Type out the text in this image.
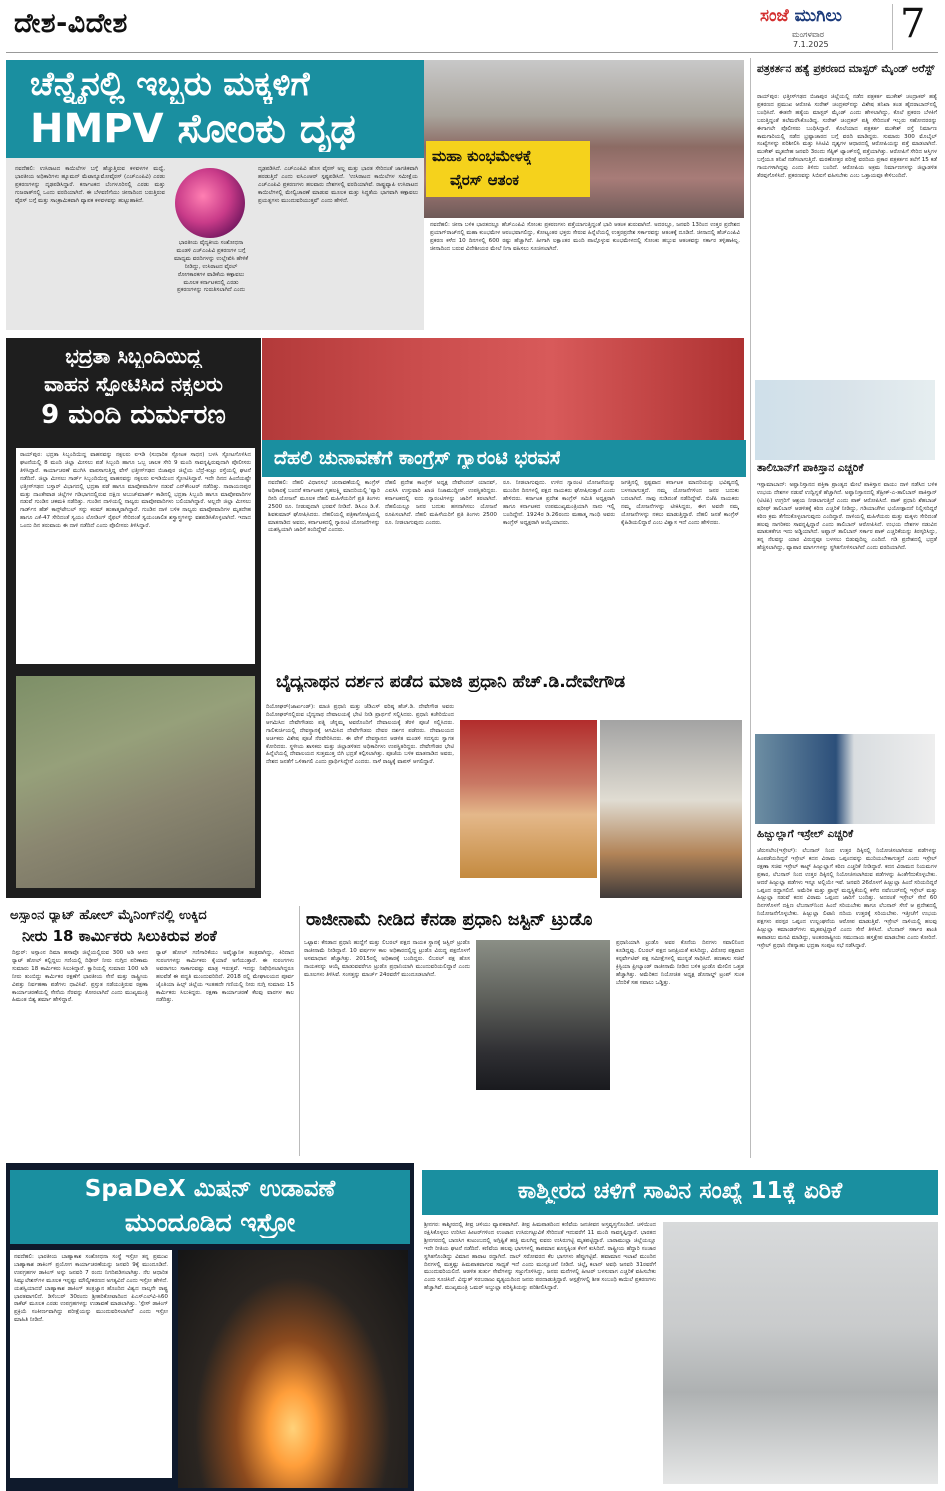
ದೇಶ-ವಿದೇಶ	ಸಂಜೆ ಮುಗಿಲು
ಮಂಗಳವಾರ
7.1.2025 7
ಚೆನ್ನೈನಲ್ಲಿ ಇಬ್ಬರು ಮಕ್ಕಳಿಗೆ
HMPV ಸೋಂಕು ದೃಢ
ನವದೆಹಲಿ: ಉಸಿರಾಟದ ಕಾಯಿಲೆಗಳ ಬಗ್ಗೆ ಹೆಚ್ಚುತ್ತಿರುವ ಕಳವಳಗಳ ಮಧ್ಯೆ, ಭಾರತೀಯ ಅಧಿಕಾರಿಗಳು ಹ್ಯೂಮನ್ ಮೆಟಾನ್ಯೂಮೋವೈರಸ್ (ಎಚ್ಎಂಪಿವಿ) ಎರಡು ಪ್ರಕರಣಗಳನ್ನು ದೃಢಪಡಿಸಿದ್ದಾರೆ. ಕರ್ನಾಟಕದ ಬೆಂಗಳೂರಿನಲ್ಲಿ ಎರಡು ಮತ್ತು ಗುಜರಾತ್‌ನಲ್ಲಿ ಒಂದು ವರದಿಯಾಗಿದೆ. ಈ ಬೆಳವಣಿಗೆಯು ಚೀನಾದಿಂದ ಬರುತ್ತಿರುವ ವೈರಸ್ ಬಗ್ಗೆ ಮತ್ತು ಸಾಂಕ್ರಾಮಿಕವಾಗಿ ವ್ಯಾಪಕ ಕಳವಳವನ್ನು ಹುಟ್ಟುಹಾಕಿದೆ.
ಭಾರತೀಯ ವೈದ್ಯಕೀಯ ಸಂಶೋಧನಾ ಮಂಡಳಿ ಎಚ್ಎಂಪಿವಿ ಪ್ರಕರಣಗಳ ಬಗ್ಗೆ ಮಾಧ್ಯಮ ವರದಿಗಳನ್ನು ಉಲ್ಲೇಖಿಸಿ ಹೇಳಿಕೆ ನೀಡಿದ್ದು, ಉಸಿರಾಟದ ವೈರಲ್ ರೋಗಕಾರಕಗಳ ವಾಡಿಕೆಯ ಕಣ್ಗಾವಲು ಮೂಲಕ ಕರ್ನಾಟಕದಲ್ಲಿ ಎರಡು ಪ್ರಕರಣಗಳನ್ನು ಗುರುತಿಸಲಾಗಿದೆ ಎಂದು
ದೃಢಪಡಿಸಿದೆ. ಎಚ್ಎಂಪಿವಿ ಹೊಸ ವೈರಸ್ ಅಲ್ಲ ಮತ್ತು ಭಾರತ ಸೇರಿದಂತೆ ಜಾಗತಿಕವಾಗಿ ಹರಡುತ್ತಿದೆ ಎಂದು ಐಸಿಎಂಆರ್ ಸ್ಪಷ್ಟಪಡಿಸಿದೆ. 'ಉಸಿರಾಟದ ಕಾಯಿಲೆಗಳ ಸಮೀಕ್ಷೆಯ ಎಚ್ಎಂಪಿವಿ ಪ್ರಕರಣಗಳು ಹಲವಾರು ದೇಶಗಳಲ್ಲಿ ವರದಿಯಾಗಿವೆ. ರಾಷ್ಟ್ರವ್ಯಾಪಿ ಉಸಿರಾಟದ ಕಾಯಿಲೆಗಳಲ್ಲಿ ಮೇಲ್ವಿಚಾರಣೆ ಮಾಡುವ ಮೂಲಕ ಮತ್ತು ಸಿದ್ಧತೆಯ ಭಾಗವಾಗಿ ಕಣ್ಗಾವಲು ಪ್ರಯತ್ನಗಳು ಮುಂದುವರಿಯುತ್ತವೆ' ಎಂದು ಹೇಳಿದೆ.
ಮಹಾ ಕುಂಭಮೇಳಕ್ಕೆ
ವೈರಸ್ ಆತಂಕ
ನವದೆಹಲಿ: ಚೀನಾ ಬಳಿಕ ಭಾರತದಲ್ಲೂ ಹೆಚ್ಎಂಪಿವಿ ಸೋಂಕು ಪ್ರಕರಣಗಳು ಪತ್ತೆಯಾಗುತ್ತಿದ್ದಂತೆ ಭಾರಿ ಆತಂಕ ಶುರುವಾಗಿದೆ. ಅದರಲ್ಲೂ, ಜನವರಿ 13ರಿಂದ ಉತ್ತರ ಪ್ರದೇಶದ ಪ್ರಯಾಗ್‌ರಾಜ್‌ನಲ್ಲಿ ಮಹಾ ಕುಂಭಮೇಳ ಆರಂಭವಾಗಲಿದ್ದು, ಕೋಟ್ಯಂತರ ಭಕ್ತರು ಸೇರುವ ಹಿನ್ನೆಲೆಯಲ್ಲಿ ಉತ್ತರಪ್ರದೇಶ ಸರ್ಕಾರವನ್ನು ಆತಂಕಕ್ಕೆ ದೂಡಿದೆ. ಚೀನಾದಲ್ಲಿ ಹೆಚ್ಎಂಪಿವಿ ಪ್ರಕರಣ ಕಳೆದ 10 ದಿನಗಳಲ್ಲಿ 600 ರಷ್ಟು ಹೆಚ್ಚಾಗಿದೆ. ಹೀಗಾಗಿ ಲಕ್ಷಾಂತರ ಮಂದಿ ಪಾಲ್ಗೊಳ್ಳುವ ಕುಂಭಮೇಳದಲ್ಲಿ ಸೋಂಕು ಹಬ್ಬುವ ಆತಂಕವನ್ನು ಸರ್ಕಾರ ತಳ್ಳಿಹಾಕಿಲ್ಲ. ಚೀನಾದಿಂದ ಬರುವ ವಿದೇಶೀಯರ ಮೇಲೆ ನಿಗಾ ವಹಿಸಲು ಸೂಚಿಸಲಾಗಿದೆ.
ಪತ್ರಕರ್ತನ ಹತ್ಯೆ ಪ್ರಕರಣದ ಮಾಸ್ಟರ್ ಮೈಂಡ್ ಅರೆಸ್ಟ್
ರಾಯ್‌ಪುರ: ಛತ್ತೀಸ್‌ಗಢದ ಬಿಜಾಪುರ ಜಿಲ್ಲೆಯಲ್ಲಿ ನಡೆದ ಪತ್ರಕರ್ತ ಮುಕೇಶ್ ಚಂದ್ರಾಕರ್ ಹತ್ಯೆ ಪ್ರಕರಣದ ಪ್ರಮುಖ ಆರೋಪಿ ಸುರೇಶ್ ಚಂದ್ರಕರ್‌ನನ್ನು ವಿಶೇಷ ತನಿಖಾ ತಂಡ ಹೈದರಾಬಾದ್‌ನಲ್ಲಿ ಬಂಧಿಸಿದೆ. ಈತನೇ ಹತ್ಯೆಯ ಮಾಸ್ಟರ್ ಮೈಂಡ್ ಎಂದು ಹೇಳಲಾಗಿದ್ದು, ಕೊಲೆ ಪ್ರಕರಣ ಬೆಳಕಿಗೆ ಬರುತ್ತಿದ್ದಂತೆ ತಲೆಮರೆಸಿಕೊಂಡಿದ್ದ. ಸುರೇಶ್ ಚಂದ್ರಕರ್ ಪತ್ನಿ ಸೇರಿದಂತೆ ಇಬ್ಬರು ಸಹೋದರರನ್ನು ಈಗಾಗಲೇ ಪೊಲೀಸರು ಬಂಧಿಸಿದ್ದಾರೆ. ಕೊಲೆಯಾದ ಪತ್ರಕರ್ತ ಮುಕೇಶ್ ರಸ್ತೆ ನಿರ್ಮಾಣ ಕಾಮಗಾರಿಯಲ್ಲಿ ನಡೆದ ಭ್ರಷ್ಟಾಚಾರದ ಬಗ್ಗೆ ವರದಿ ಮಾಡಿದ್ದರು. ಸುಮಾರು 300 ಮೊಬೈಲ್ ಸಂಖ್ಯೆಗಳನ್ನು ಪರಿಶೀಲಿಸಿ ಮತ್ತು ಸಿಸಿಟಿವಿ ದೃಶ್ಯಗಳ ಆಧಾರದಲ್ಲಿ ಆರೋಪಿಯನ್ನು ಪತ್ತೆ ಮಾಡಲಾಗಿದೆ. ಮುಕೇಶ್ ಮೃತದೇಹ ಜನವರಿ 3ರಂದು ಸೆಪ್ಟಿಕ್ ಟ್ಯಾಂಕ್‌ನಲ್ಲಿ ಪತ್ತೆಯಾಗಿತ್ತು. ಆರೋಪಿಗೆ ಸೇರಿದ ಆಸ್ತಿಗಳ ಬಗ್ಗೆಯೂ ತನಿಖೆ ನಡೆಸಲಾಗುತ್ತಿದೆ. ಮರಣೋತ್ತರ ಪರೀಕ್ಷೆ ವರದಿಯ ಪ್ರಕಾರ ಪತ್ರಕರ್ತನ ತಲೆಗೆ 15 ಕಡೆ ಗಾಯಗಳಾಗಿದ್ದವು ಎಂದು ತಿಳಿದು ಬಂದಿದೆ. ಆರೋಪಿಯ ಅಕ್ರಮ ನಿರ್ಮಾಣಗಳನ್ನು ಜಿಲ್ಲಾಡಳಿತ ತೆರವುಗೊಳಿಸಿದೆ. ಪ್ರಕರಣವನ್ನು ಸಿಬಿಐಗೆ ವಹಿಸಬೇಕು ಎಂಬ ಒತ್ತಾಯವೂ ಕೇಳಿಬಂದಿದೆ.
ತಾಲಿಬಾನ್‌ಗೆ ಪಾಕಿಸ್ತಾನ ಎಚ್ಚರಿಕೆ
ಇಸ್ಲಾಮಾಬಾದ್: ಅಫ್ಘಾನಿಸ್ತಾನದ ಪಕ್ತಿಕಾ ಪ್ರಾಂತ್ಯದ ಮೇಲೆ ಪಾಕಿಸ್ತಾನ ವಾಯು ದಾಳಿ ನಡೆಸಿದ ಬಳಿಕ ಉಭಯ ದೇಶಗಳ ನಡುವೆ ಉದ್ವಿಗ್ನತೆ ಹೆಚ್ಚಾಗಿದೆ. ಅಫ್ಘಾನಿಸ್ತಾನದಲ್ಲಿ ತೆಹ್ರೀಕ್-ಎ-ತಾಲಿಬಾನ್ ಪಾಕಿಸ್ತಾನ್ (ಟಿಟಿಪಿ) ಉಗ್ರರಿಗೆ ಆಶ್ರಯ ನೀಡಲಾಗುತ್ತಿದೆ ಎಂದು ಪಾಕ್ ಆರೋಪಿಸಿದೆ. ಪಾಕ್ ಪ್ರಧಾನಿ ಶೆಹಬಾಜ್ ಷರೀಫ್ ತಾಲಿಬಾನ್ ಆಡಳಿತಕ್ಕೆ ಕಠಿಣ ಎಚ್ಚರಿಕೆ ನೀಡಿದ್ದು, ಗಡಿಯಾಚೆಗಿನ ಭಯೋತ್ಪಾದನೆ ನಿಲ್ಲಿಸದಿದ್ದರೆ ಕಠಿಣ ಕ್ರಮ ತೆಗೆದುಕೊಳ್ಳಲಾಗುವುದು ಎಂದಿದ್ದಾರೆ. ದಾಳಿಯಲ್ಲಿ ಮಹಿಳೆಯರು ಮತ್ತು ಮಕ್ಕಳು ಸೇರಿದಂತೆ ಹಲವು ನಾಗರಿಕರು ಸಾವನ್ನಪ್ಪಿದ್ದಾರೆ ಎಂದು ತಾಲಿಬಾನ್ ಆರೋಪಿಸಿದೆ. ಉಭಯ ದೇಶಗಳ ನಡುವಿನ ಮಾತುಕತೆಗೂ ಇದು ಅಡ್ಡಿಯಾಗಿದೆ. ಅಫ್ಘಾನ್ ತಾಲಿಬಾನ್ ಸರ್ಕಾರ ಪಾಕ್ ಎಚ್ಚರಿಕೆಯನ್ನು ತಿರಸ್ಕರಿಸಿದ್ದು, ತನ್ನ ನೆಲವನ್ನು ಯಾರ ವಿರುದ್ಧವೂ ಬಳಸಲು ಬಿಡುವುದಿಲ್ಲ ಎಂದಿದೆ. ಗಡಿ ಪ್ರದೇಶದಲ್ಲಿ ಭದ್ರತೆ ಹೆಚ್ಚಿಸಲಾಗಿದ್ದು, ವ್ಯಾಪಾರ ಮಾರ್ಗಗಳನ್ನು ಸ್ಥಗಿತಗೊಳಿಸಲಾಗಿದೆ ಎಂದು ವರದಿಯಾಗಿದೆ.
ಹಿಜ್ಬುಲ್ಲಾಗೆ ಇಸ್ರೇಲ್ ಎಚ್ಚರಿಕೆ
ಜೆರುಸಲೇಂ(ಇಸ್ರೇಲ್): ಲೆಬನಾನ್ ನಿಂದ ಉತ್ತರ ದಿಕ್ಕಿನಲ್ಲಿ ನಿಯೋಜಿಸಲಾಗಿರುವ ಪಡೆಗಳನ್ನು ಹಿಂಪಡೆಯದಿದ್ದರೆ ಇಸ್ರೇಲ್ ಕದನ ವಿರಾಮ ಒಪ್ಪಂದವನ್ನು ಮುರಿಯಬೇಕಾಗುತ್ತದೆ ಎಂದು ಇಸ್ರೇಲ್ ರಕ್ಷಣಾ ಸಚಿವ ಇಸ್ರೇಲ್ ಕಾಟ್ಜ್ ಹಿಜ್ಬುಲ್ಲಾಗೆ ಕಠಿಣ ಎಚ್ಚರಿಕೆ ನೀಡಿದ್ದಾರೆ. ಕದನ ವಿರಾಮದ ನಿಯಮಗಳ ಪ್ರಕಾರ, ಲೆಬನಾನ್ ನಿಂದ ಉತ್ತರ ದಿಕ್ಕಿನಲ್ಲಿ ನಿಯೋಜಿಸಲಾಗಿರುವ ಪಡೆಗಳನ್ನು ಹಿಂತೆಗೆದುಕೊಳ್ಳಬೇಕು. ಆದರೆ ಹಿಜ್ಬುಲ್ಲಾ ಪಡೆಗಳು ಇನ್ನೂ ಅಲ್ಲಿಯೇ ಇವೆ. ಜನವರಿ 26ರೊಳಗೆ ಹಿಜ್ಬುಲ್ಲಾ ಹಿಂದೆ ಸರಿಯದಿದ್ದರೆ ಒಪ್ಪಂದ ರದ್ದಾಗಲಿದೆ. ಅಮೆರಿಕ ಮತ್ತು ಫ್ರಾನ್ಸ್ ಮಧ್ಯಸ್ಥಿಕೆಯಲ್ಲಿ ಕಳೆದ ನವೆಂಬರ್‌ನಲ್ಲಿ ಇಸ್ರೇಲ್ ಮತ್ತು ಹಿಜ್ಬುಲ್ಲಾ ನಡುವೆ ಕದನ ವಿರಾಮ ಒಪ್ಪಂದ ಜಾರಿಗೆ ಬಂದಿತ್ತು. ಅದರಂತೆ ಇಸ್ರೇಲ್ ಸೇನೆ 60 ದಿನಗಳೊಳಗೆ ದಕ್ಷಿಣ ಲೆಬನಾನ್‌ನಿಂದ ಹಿಂದೆ ಸರಿಯಬೇಕು ಹಾಗೂ ಲೆಬನಾನ್ ಸೇನೆ ಆ ಪ್ರದೇಶದಲ್ಲಿ ನಿಯೋಜನೆಗೊಳ್ಳಬೇಕು. ಹಿಜ್ಬುಲ್ಲಾ ಲಿಟಾನಿ ನದಿಯ ಉತ್ತರಕ್ಕೆ ಸರಿಯಬೇಕು. ಇತ್ತೀಚೆಗೆ ಉಭಯ ಪಕ್ಷಗಳು ಪರಸ್ಪರ ಒಪ್ಪಂದ ಉಲ್ಲಂಘನೆಯ ಆರೋಪ ಮಾಡುತ್ತಿವೆ. ಇಸ್ರೇಲ್ ದಾಳಿಯಲ್ಲಿ ಹಲವು ಹಿಜ್ಬುಲ್ಲಾ ಕಮಾಂಡರ್‌ಗಳು ಮೃತಪಟ್ಟಿದ್ದಾರೆ ಎಂದು ಸೇನೆ ತಿಳಿಸಿದೆ. ಲೆಬನಾನ್ ಸರ್ಕಾರ ಶಾಂತಿ ಕಾಪಾಡಲು ಮನವಿ ಮಾಡಿದ್ದು, ಅಂತರರಾಷ್ಟ್ರೀಯ ಸಮುದಾಯ ಹಸ್ತಕ್ಷೇಪ ಮಾಡಬೇಕು ಎಂದು ಕೋರಿದೆ. ಇಸ್ರೇಲ್ ಪ್ರಧಾನಿ ನೆತನ್ಯಾಹು ಭದ್ರತಾ ಸಂಪುಟ ಸಭೆ ನಡೆಸಿದ್ದಾರೆ.
ಭದ್ರತಾ ಸಿಬ್ಬಂದಿಯಿದ್ದ
ವಾಹನ ಸ್ಫೋಟಿಸಿದ ನಕ್ಸಲರು
9 ಮಂದಿ ದುರ್ಮರಣ
ರಾಯ್‌ಪುರ: ಭದ್ರತಾ ಸಿಬ್ಬಂದಿಯಿದ್ದ ವಾಹನವನ್ನು ನಕ್ಸಲರು ಐಇಡಿ (ಸುಧಾರಿತ ಸ್ಫೋಟಕ ಸಾಧನ) ಬಳಸಿ ಸ್ಫೋಟಗೊಳಿಸಿದ ಘಟನೆಯಲ್ಲಿ 8 ಮಂದಿ ಜಿಲ್ಲಾ ಮೀಸಲು ಪಡೆ ಸಿಬ್ಬಂದಿ ಹಾಗೂ ಒಬ್ಬ ಚಾಲಕ ಸೇರಿ 9 ಮಂದಿ ಸಾವನ್ನಪ್ಪಿರುವುದಾಗಿ ಪೊಲೀಸರು ತಿಳಿಸಿದ್ದಾರೆ. ಕಾರ್ಯಾಚರಣೆ ಮುಗಿಸಿ ವಾಪಸಾಗುತ್ತಿದ್ದ ವೇಳೆ ಛತ್ತೀಸ್‌ಗಢದ ಬಿಜಾಪುರ ಜಿಲ್ಲೆಯ ಬೆದ್ರೆ-ಕುಟ್ರು ರಸ್ತೆಯಲ್ಲಿ ಘಟನೆ ನಡೆದಿದೆ. ಜಿಲ್ಲಾ ಮೀಸಲು ಗಾರ್ಡ್ ಸಿಬ್ಬಂದಿಯಿದ್ದ ವಾಹನವನ್ನು ನಕ್ಸಲರು ಐಇಡಿಯಿಂದ ಸ್ಫೋಟಿಸಿದ್ದಾರೆ. ಇದೇ ದಿನದ ಹಿಂದೆಯಷ್ಟೇ ಛತ್ತೀಸ್‌ಗಢದ ಬಸ್ತಾರ್ ವಿಭಾಗದಲ್ಲಿ ಭದ್ರತಾ ಪಡೆ ಹಾಗೂ ಮಾವೋವಾದಿಗಳ ನಡುವೆ ಎನ್‌ಕೌಂಟರ್ ನಡೆದಿತ್ತು. ನಾರಾಯಣಪುರ ಮತ್ತು ದಾಂತೇವಾಡ ಜಿಲ್ಲೆಗಳ ಗಡಿಭಾಗದಲ್ಲಿರುವ ದಕ್ಷಿಣ ಅಬುಜ್‌ಮಾರ್ಹ್ ಕಾಡಿನಲ್ಲಿ ಭದ್ರತಾ ಸಿಬ್ಬಂದಿ ಹಾಗೂ ಮಾವೋವಾದಿಗಳ ನಡುವೆ ಗುಂಡಿನ ಚಕಮಕಿ ನಡೆದಿತ್ತು. ಗುಂಡಿನ ದಾಳಿಯಲ್ಲಿ ನಾಲ್ವರು ಮಾವೋವಾದಿಗಳು ಬಲಿಯಾಗಿದ್ದಾರೆ. ಅಲ್ಲದೇ ಜಿಲ್ಲಾ ಮೀಸಲು ಗಾರ್ಡ್‌ನ ಹೆಡ್ ಕಾನ್ಸ್‌ಟೇಬಲ್ ಸನ್ನು ಕರಮ್ ಹುತಾತ್ಮರಾಗಿದ್ದಾರೆ. ಗುಂಡಿನ ದಾಳಿ ಬಳಿಕ ನಾಲ್ವರು ಮಾವೋವಾದಿಗಳ ಮೃತದೇಹ ಹಾಗೂ ಎಕೆ-47 ಸೇರಿದಂತೆ ಸ್ವಯಂ ಲೋಡಿಂಗ್ ರೈಫಲ್ ಸೇರಿದಂತೆ ಸ್ವಯಂಚಾಲಿತ ಶಸ್ತ್ರಾಸ್ತ್ರಗಳನ್ನು ವಶಪಡಿಸಿಕೊಳ್ಳಲಾಗಿದೆ. ಇದಾದ ಒಂದು ದಿನ ತರುವಾಯ ಈ ದಾಳಿ ನಡೆದಿದೆ ಎಂದು ಪೊಲೀಸರು ತಿಳಿಸಿದ್ದಾರೆ.
ದೆಹಲಿ ಚುನಾವಣೆಗೆ ಕಾಂಗ್ರೆಸ್ ಗ್ಯಾರಂಟಿ ಭರವಸೆ
ನವದೆಹಲಿ: ದೆಹಲಿ ವಿಧಾನಸಭೆ ಚುನಾವಣೆಯಲ್ಲಿ ಕಾಂಗ್ರೆಸ್ ಅಧಿಕಾರಕ್ಕೆ ಬಂದರೆ ಕರ್ನಾಟಕದ ಗೃಹಲಕ್ಷ್ಮಿ ಮಾದರಿಯಲ್ಲಿ 'ಪ್ಯಾರಿ ದೀದಿ ಯೋಜನೆ' ಮೂಲಕ ದೆಹಲಿ ಮಹಿಳೆಯರಿಗೆ ಪ್ರತಿ ತಿಂಗಳು 2500 ರೂ. ನೀಡುವುದಾಗಿ ಭರವಸೆ ನೀಡಿದೆ. ಡಿಸಿಎಂ ಡಿ.ಕೆ. ಶಿವಕುಮಾರ್ ಘೋಷಿಸಿದರು. ದೆಹಲಿಯಲ್ಲಿ ಪತ್ರಿಕಾಗೋಷ್ಠಿಯಲ್ಲಿ ಮಾತನಾಡಿದ ಅವರು, ಕರ್ನಾಟಕದಲ್ಲಿ ಗ್ಯಾರಂಟಿ ಯೋಜನೆಗಳನ್ನು ಯಶಸ್ವಿಯಾಗಿ ಜಾರಿಗೆ ತಂದಿದ್ದೇವೆ ಎಂದರು.
ದೆಹಲಿ ಪ್ರದೇಶ ಕಾಂಗ್ರೆಸ್ ಅಧ್ಯಕ್ಷ ದೇವೇಂದರ್ ಯಾದವ್, ಎಐಸಿಸಿ ಉಸ್ತುವಾರಿ ಖಾಜಿ ನಿಜಾಮುದ್ದೀನ್ ಉಪಸ್ಥಿತರಿದ್ದರು. ಕರ್ನಾಟಕದಲ್ಲಿ ಐದು ಗ್ಯಾರಂಟಿಗಳನ್ನು ಜಾರಿಗೆ ತರಲಾಗಿದೆ. ದೆಹಲಿಯಲ್ಲೂ ಜನರ ಬದುಕು ಹಸನಾಗಿಸಲು ಯೋಜನೆ ರೂಪಿಸಲಾಗಿದೆ. ದೆಹಲಿ ಮಹಿಳೆಯರಿಗೆ ಪ್ರತಿ ತಿಂಗಳು 2500 ರೂ. ನೀಡಲಾಗುವುದು ಎಂದರು.
ರೂ. ನೀಡಲಾಗುವುದು. ಉಳಿದ ಗ್ಯಾರಂಟಿ ಯೋಜನೆಯನ್ನು ಮುಂದಿನ ದಿನಗಳಲ್ಲಿ ಪಕ್ಷದ ನಾಯಕರು ಘೋಷಿಸುತ್ತಾರೆ ಎಂದು ಹೇಳಿದರು. ಕರ್ನಾಟಕ ಪ್ರದೇಶ ಕಾಂಗ್ರೆಸ್ ಸಮಿತಿ ಅಧ್ಯಕ್ಷರಾಗಿ ಹಾಗೂ ಕರ್ನಾಟಕದ ಉಪಮುಖ್ಯಮಂತ್ರಿಯಾಗಿ ನಾನು ಇಲ್ಲಿ ಬಂದಿದ್ದೇನೆ. 1924ರ ಡಿ.26ರಂದು ಮಹಾತ್ಮ ಗಾಂಧಿ ಅವರು ಕಾಂಗ್ರೆಸ್ ಅಧ್ಯಕ್ಷರಾಗಿ ಆಯ್ಕೆಯಾದರು.
ಜಗತ್ತಿನಲ್ಲಿ ಸ್ಪಷ್ಟವಾದ ಕರ್ನಾಟಕ ಮಾದರಿಯನ್ನು ಭವಿಷ್ಯದಲ್ಲಿ ಬಳಸಲಾಗುತ್ತದೆ. ನಮ್ಮ ಯೋಜನೆಗಳಿಂದ ಜನರ ಬದುಕು ಬದಲಾಗಿದೆ. ನಾವು ನುಡಿದಂತೆ ನಡೆದಿದ್ದೇವೆ. ಬಿಜೆಪಿ ನಾಯಕರು ನಮ್ಮ ಯೋಜನೆಗಳನ್ನು ಟೀಕಿಸಿದ್ದರು, ಈಗ ಅವರೇ ನಮ್ಮ ಯೋಜನೆಗಳನ್ನು ನಕಲು ಮಾಡುತ್ತಿದ್ದಾರೆ. ದೆಹಲಿ ಜನತೆ ಕಾಂಗ್ರೆಸ್ ಕೈಹಿಡಿಯಲಿದ್ದಾರೆ ಎಂಬ ವಿಶ್ವಾಸ ಇದೆ ಎಂದು ಹೇಳಿದರು.
ಬೈದ್ಯನಾಥನ ದರ್ಶನ ಪಡೆದ ಮಾಜಿ ಪ್ರಧಾನಿ ಹೆಚ್.ಡಿ.ದೇವೇಗೌಡ
ದಿಯೋಘರ್(ಜಾರ್ಖಂಡ್): ಮಾಜಿ ಪ್ರಧಾನಿ ಮತ್ತು ಜೆಡಿಎಸ್ ವರಿಷ್ಠ ಹೆಚ್.ಡಿ. ದೇವೇಗೌಡ ಅವರು ದಿಯೋಘರ್‌ನಲ್ಲಿರುವ ಬೈದ್ಯನಾಥ ದೇವಾಲಯಕ್ಕೆ ಭೇಟಿ ನೀಡಿ ಪ್ರಾರ್ಥನೆ ಸಲ್ಲಿಸಿದರು. ಪ್ರಧಾನಿ ಕಚೇರಿಯಿಂದ ಆಗಮಿಸಿದ ದೇವೇಗೌಡರು ಪತ್ನಿ ಚೆನ್ನಮ್ಮ ಅವರೊಂದಿಗೆ ದೇವಾಲಯಕ್ಕೆ ತೆರಳಿ ಪೂಜೆ ಸಲ್ಲಿಸಿದರು. ಗಾಲಿಕುರ್ಚಿಯಲ್ಲಿ ದೇವಸ್ಥಾನಕ್ಕೆ ಆಗಮಿಸಿದ ದೇವೇಗೌಡರು ದೇವರ ದರ್ಶನ ಪಡೆದರು. ದೇವಾಲಯದ ಅರ್ಚಕರು ವಿಶೇಷ ಪೂಜೆ ನೆರವೇರಿಸಿದರು. ಈ ವೇಳೆ ದೇವಸ್ಥಾನದ ಆಡಳಿತ ಮಂಡಳಿ ಸದಸ್ಯರು ಸ್ವಾಗತ ಕೋರಿದರು. ಸ್ಥಳೀಯ ಶಾಸಕರು ಮತ್ತು ಜಿಲ್ಲಾಡಳಿತದ ಅಧಿಕಾರಿಗಳು ಉಪಸ್ಥಿತರಿದ್ದರು. ದೇವೇಗೌಡರ ಭೇಟಿ ಹಿನ್ನೆಲೆಯಲ್ಲಿ ದೇವಾಲಯದ ಸುತ್ತಮುತ್ತ ಬಿಗಿ ಭದ್ರತೆ ಕಲ್ಪಿಸಲಾಗಿತ್ತು. ಪೂಜೆಯ ಬಳಿಕ ಮಾತನಾಡಿದ ಅವರು, ದೇಶದ ಜನತೆಗೆ ಒಳಿತಾಗಲಿ ಎಂದು ಪ್ರಾರ್ಥಿಸಿದ್ದೇನೆ ಎಂದರು. ನಾಳೆ ರಾಜ್ಯಕ್ಕೆ ವಾಪಸ್ ಆಗಲಿದ್ದಾರೆ.
ಅಸ್ಸಾಂನ ರ‍್ಯಾಟ್ ಹೋಲ್ ಮೈನಿಂಗ್‌ನಲ್ಲಿ ಉಕ್ಕಿದ
ನೀರು 18 ಕಾರ್ಮಿಕರು ಸಿಲುಕಿರುವ ಶಂಕೆ
ದಿಸ್ಪುರ್: ಅಸ್ಸಾಂನ ದಿಮಾ ಹಸಾವೊ ಜಿಲ್ಲೆಯಲ್ಲಿರುವ 300 ಅಡಿ ಆಳದ ರ‍್ಯಾಟ್ ಹೋಲ್ ಕಲ್ಲಿದ್ದಲು ಗಣಿಯಲ್ಲಿ ದಿಢೀರ್ ನೀರು ನುಗ್ಗಿದ ಪರಿಣಾಮ ಸುಮಾರು 18 ಕಾರ್ಮಿಕರು ಸಿಲುಕಿದ್ದಾರೆ. ಕ್ವಾರಿಯಲ್ಲಿ ಸುಮಾರು 100 ಅಡಿ ನೀರು ತುಂಬಿದ್ದು ಕಾರ್ಮಿಕರ ರಕ್ಷಣೆಗೆ ಭಾರತೀಯ ಸೇನೆ ಮತ್ತು ರಾಷ್ಟ್ರೀಯ ವಿಪತ್ತು ನಿರ್ವಹಣಾ ಪಡೆಗಳು ಧಾವಿಸಿವೆ. ಪ್ರಸ್ತುತ ನಡೆಯುತ್ತಿರುವ ರಕ್ಷಣಾ ಕಾರ್ಯಾಚರಣೆಯಲ್ಲಿ ಸೇನೆಯ ನೆರವನ್ನು ಕೋರಲಾಗಿದೆ ಎಂದು ಮುಖ್ಯಮಂತ್ರಿ ಹಿಮಂತ ಬಿಶ್ವ ಶರ್ಮಾ ಹೇಳಿದ್ದಾರೆ.
ರ‍್ಯಾಟ್ ಹೋಲ್ ಗಣಿಗಾರಿಕೆಯು ಅವೈಜ್ಞಾನಿಕ ತಂತ್ರವಾಗಿದ್ದು, ಕಿರಿದಾದ ಸುರಂಗಗಳನ್ನು ಕಾರ್ಮಿಕರು ಕೈಯಾರೆ ಅಗೆಯುತ್ತಾರೆ. ಈ ಸುರಂಗಗಳು ಅವರಾಗಲು ಸಾಕಾಗುವಷ್ಟು ಮಾತ್ರ ಇರುತ್ತವೆ. ಇದನ್ನು ನಿಷೇಧಿಸಲಾಗಿದ್ದರೂ ಹಲವೆಡೆ ಈ ಪದ್ಧತಿ ಮುಂದುವರಿದಿದೆ. 2018 ರಲ್ಲಿ ಮೇಘಾಲಯದ ಪೂರ್ವ ಜೈಂತಿಯಾ ಹಿಲ್ಸ್ ಜಿಲ್ಲೆಯ ಇಂತಹದೇ ಗಣಿಯಲ್ಲಿ ನೀರು ನುಗ್ಗಿ ಸುಮಾರು 15 ಕಾರ್ಮಿಕರು ಸಿಲುಕಿದ್ದರು. ರಕ್ಷಣಾ ಕಾರ್ಯಾಚರಣೆ ಕೆಲವು ವಾರಗಳ ಕಾಲ ನಡೆದಿತ್ತು.
ರಾಜೀನಾಮೆ ನೀಡಿದ ಕೆನಡಾ ಪ್ರಧಾನಿ ಜಸ್ಟಿನ್ ಟ್ರುಡೊ
ಒಟ್ಟಾವ: ಕೆನಡಾದ ಪ್ರಧಾನಿ ಹುದ್ದೆಗೆ ಮತ್ತು ಲಿಬರಲ್ ಪಕ್ಷದ ನಾಯಕ ಸ್ಥಾನಕ್ಕೆ ಜಸ್ಟಿನ್ ಟ್ರುಡೊ ರಾಜೀನಾಮೆ ನೀಡಿದ್ದಾರೆ. 10 ವರ್ಷಗಳ ಕಾಲ ಅಧಿಕಾರದಲ್ಲಿದ್ದ ಟ್ರುಡೊ ವಿರುದ್ಧ ಪಕ್ಷದೊಳಗೆ ಅಸಮಾಧಾನ ಹೆಚ್ಚಾಗಿತ್ತು. 2015ರಲ್ಲಿ ಅಧಿಕಾರಕ್ಕೆ ಬಂದಿದ್ದರು. ಲಿಬರಲ್ ಪಕ್ಷ ಹೊಸ ನಾಯಕನನ್ನು ಆಯ್ಕೆ ಮಾಡುವವರೆಗೂ ಟ್ರುಡೊ ಪ್ರಧಾನಿಯಾಗಿ ಮುಂದುವರಿಯಲಿದ್ದಾರೆ ಎಂದು ಮೂಲಗಳು ತಿಳಿಸಿವೆ. ಸಂಸತ್ತನ್ನು ಮಾರ್ಚ್ 24ರವರೆಗೆ ಮುಂದೂಡಲಾಗಿದೆ.
ಪ್ರಧಾನಿಯಾಗಿ ಟ್ರುಡೊ ಅವರ ಕೊನೆಯ ದಿನಗಳು ಸವಾಲಿನಿಂದ ಕೂಡಿದ್ದವು. ಲಿಬರಲ್ ಪಕ್ಷದ ಜನಪ್ರಿಯತೆ ಕುಸಿದಿದ್ದು, ವಿರೋಧ ಪಕ್ಷವಾದ ಕನ್ಸರ್ವೇಟಿವ್ ಪಕ್ಷ ಸಮೀಕ್ಷೆಗಳಲ್ಲಿ ಮುನ್ನಡೆ ಸಾಧಿಸಿದೆ. ಹಣಕಾಸು ಸಚಿವೆ ಕ್ರಿಸ್ಟಿಯಾ ಫ್ರೀಲ್ಯಾಂಡ್ ರಾಜೀನಾಮೆ ನೀಡಿದ ಬಳಿಕ ಟ್ರುಡೊ ಮೇಲಿನ ಒತ್ತಡ ಹೆಚ್ಚಾಗಿತ್ತು. ಅಮೆರಿಕದ ನಿಯೋಜಿತ ಅಧ್ಯಕ್ಷ ಡೊನಾಲ್ಡ್ ಟ್ರಂಪ್ ಸುಂಕ ಬೆದರಿಕೆ ಸಹ ಸವಾಲು ಒಡ್ಡಿತ್ತು.
SpaDeX ಮಿಷನ್ ಉಡಾವಣೆ
ಮುಂದೂಡಿದ ಇಸ್ರೋ
ನವದೆಹಲಿ: ಭಾರತೀಯ ಬಾಹ್ಯಾಕಾಶ ಸಂಶೋಧನಾ ಸಂಸ್ಥೆ ಇಸ್ರೋ ತನ್ನ ಪ್ರಮುಖ ಬಾಹ್ಯಾಕಾಶ ಡಾಕಿಂಗ್ ಪ್ರಯೋಗ ಕಾರ್ಯಾಚರಣೆಯನ್ನು ಜನವರಿ 9ಕ್ಕೆ ಮುಂದೂಡಿದೆ. ಉಪಗ್ರಹಗಳ ಡಾಕಿಂಗ್ ಅನ್ನು ಜನವರಿ 7 ರಂದು ನಿಗದಿಪಡಿಸಲಾಗಿತ್ತು. ನೆಲ ಆಧಾರಿತ ಸಿಮ್ಯುಲೇಶನ್‌ಗಳ ಮೂಲಕ ಇನ್ನಷ್ಟು ಮೌಲ್ಯೀಕರಣದ ಅಗತ್ಯವಿದೆ ಎಂದು ಇಸ್ರೋ ಹೇಳಿದೆ. ಯಶಸ್ವಿಯಾದರೆ ಬಾಹ್ಯಾಕಾಶ ಡಾಕಿಂಗ್ ತಂತ್ರಜ್ಞಾನ ಹೊಂದಿದ ವಿಶ್ವದ ನಾಲ್ಕನೇ ರಾಷ್ಟ್ರ ಭಾರತವಾಗಲಿದೆ. ಡಿಸೆಂಬರ್ 30ರಂದು ಶ್ರೀಹರಿಕೋಟಾದಿಂದ ಪಿಎಸ್ಎಲ್‌ವಿ-ಸಿ60 ರಾಕೆಟ್ ಮೂಲಕ ಎರಡು ಉಪಗ್ರಹಗಳನ್ನು ಉಡಾವಣೆ ಮಾಡಲಾಗಿತ್ತು. 'ಸ್ಪೇಸ್ ಡಾಕಿಂಗ್ ಪ್ರಕ್ರಿಯೆ ಸಂಕೀರ್ಣವಾಗಿದ್ದು ಪರೀಕ್ಷೆಯನ್ನು ಮುಂದುವರಿಸಲಾಗಿದೆ' ಎಂದು ಇಸ್ರೋ ಮಾಹಿತಿ ನೀಡಿದೆ.
ಕಾಶ್ಮೀರದ ಚಳಿಗೆ ಸಾವಿನ ಸಂಖ್ಯೆ 11ಕ್ಕೆ ಏರಿಕೆ
ಶ್ರೀನಗರ: ಕಾಶ್ಮೀರದಲ್ಲಿ ತೀವ್ರ ಚಳಿಯು ವ್ಯಾಪಕವಾಗಿದೆ. ತೀವ್ರ ಹಿಮಪಾತದಿಂದ ಕಣಿವೆಯ ಜನಜೀವನ ಅಸ್ತವ್ಯಸ್ತಗೊಂಡಿದೆ. ಚಳಿಯಿಂದ ರಕ್ಷಿಸಿಕೊಳ್ಳಲು ಉರಿಸಿದ ಹೀಟರ್‌ಗಳಿಂದ ಉಂಟಾದ ಉಸಿರುಗಟ್ಟುವಿಕೆ ಸೇರಿದಂತೆ ಇದುವರೆಗೆ 11 ಮಂದಿ ಸಾವನ್ನಪ್ಪಿದ್ದಾರೆ. ಭಾರತದ ಶ್ರೀನಗರದಲ್ಲಿ ಬಾಣಸಿಗ ಕುಟುಂಬದಲ್ಲಿ ಅಗ್ಗಿಷ್ಟಿಕೆ ಹಚ್ಚಿ ಮಲಗಿದ್ದ ಐವರು ಉಸಿರುಗಟ್ಟಿ ಮೃತಪಟ್ಟಿದ್ದಾರೆ. ಬಾರಾಮುಲ್ಲಾ ಜಿಲ್ಲೆಯಲ್ಲೂ ಇದೇ ರೀತಿಯ ಘಟನೆ ನಡೆದಿದೆ. ಕಣಿವೆಯ ಹಲವು ಭಾಗಗಳಲ್ಲಿ ತಾಪಮಾನ ಶೂನ್ಯಕ್ಕಿಂತ ಕೆಳಗೆ ಕುಸಿದಿದೆ. ರಾಷ್ಟ್ರೀಯ ಹೆದ್ದಾರಿ ಸಂಚಾರ ಸ್ಥಗಿತಗೊಂಡಿದ್ದು ವಿಮಾನ ಹಾರಾಟ ರದ್ದಾಗಿದೆ. ದಾಲ್ ಸರೋವರದ ಕೆಲ ಭಾಗಗಳು ಹೆಪ್ಪುಗಟ್ಟಿವೆ. ಹವಾಮಾನ ಇಲಾಖೆ ಮುಂದಿನ ದಿನಗಳಲ್ಲಿ ಮತ್ತಷ್ಟು ಹಿಮಪಾತವಾಗುವ ಸಾಧ್ಯತೆ ಇದೆ ಎಂದು ಮುನ್ಸೂಚನೆ ನೀಡಿದೆ. ಚಿಲ್ಲೈ ಕಲಾನ್ ಅವಧಿ ಜನವರಿ 31ರವರೆಗೆ ಮುಂದುವರಿಯಲಿದೆ. ಆಡಳಿತ ತುರ್ತು ಸೇವೆಗಳನ್ನು ಸಜ್ಜುಗೊಳಿಸಿದ್ದು, ಜನರು ಮನೆಗಳಲ್ಲಿ ಹೀಟರ್ ಬಳಸುವಾಗ ಎಚ್ಚರಿಕೆ ವಹಿಸಬೇಕು ಎಂದು ಸೂಚಿಸಿದೆ. ವಿದ್ಯುತ್ ಸರಬರಾಜು ವ್ಯತ್ಯಯದಿಂದ ಜನರು ಪರದಾಡುತ್ತಿದ್ದಾರೆ. ಆಸ್ಪತ್ರೆಗಳಲ್ಲಿ ಶೀತ ಸಂಬಂಧಿ ಕಾಯಿಲೆ ಪ್ರಕರಣಗಳು ಹೆಚ್ಚಾಗಿವೆ. ಮುಖ್ಯಮಂತ್ರಿ ಒಮರ್ ಅಬ್ದುಲ್ಲಾ ಪರಿಸ್ಥಿತಿಯನ್ನು ಪರಿಶೀಲಿಸಿದ್ದಾರೆ.
